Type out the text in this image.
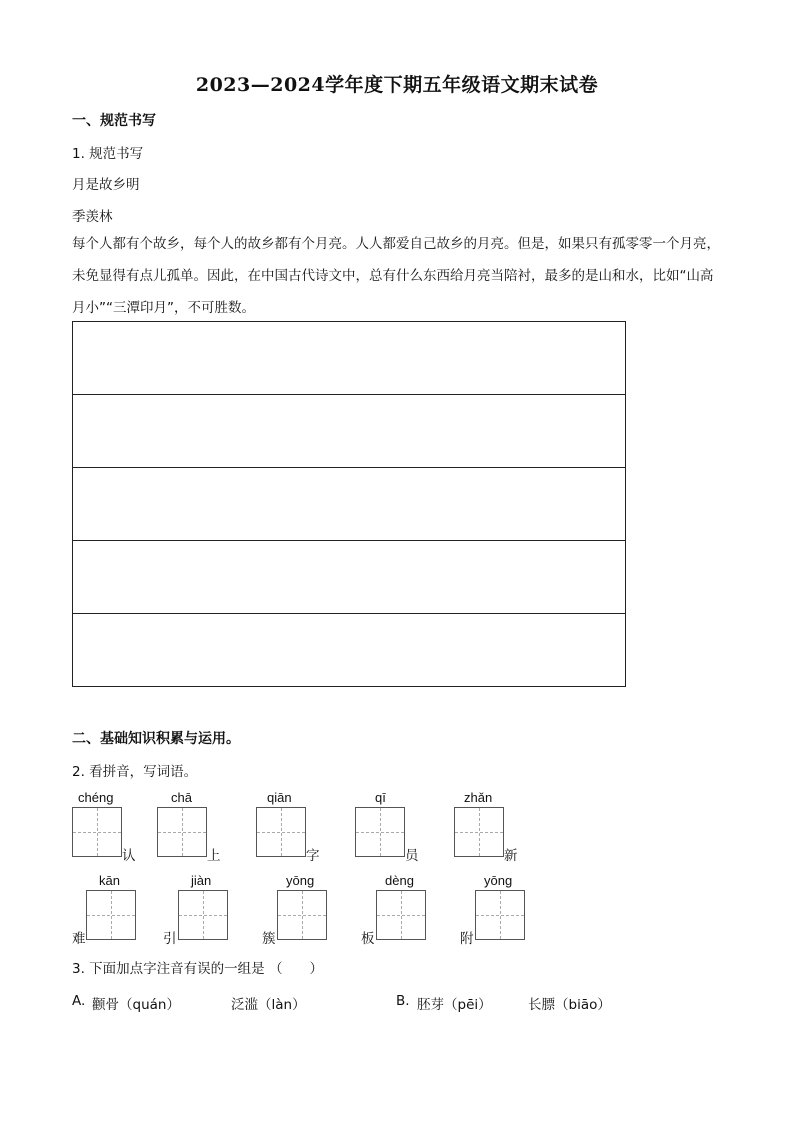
2023—2024学年度下期五年级语文期末试卷
一、规范书写
1. 规范书写
月是故乡明
季羡林
每个人都有个故乡，每个人的故乡都有个月亮。人人都爱自己故乡的月亮。但是，如果只有孤零零一个月亮，未免显得有点儿孤单。因此，在中国古代诗文中，总有什么东西给月亮当陪衬，最多的是山和水，比如“山高月小”“三潭印月”，不可胜数。
二、基础知识积累与运用。
2. 看拼音，写词语。
chéng
认
chā
上
qiān
字
qī
员
zhǎn
新
kān
难
jiàn
引
yōng
簇
dèng
板
yōng
附
3. 下面加点字注音有误的一组是 （　　）
A. 颧骨（quán）	泛滥（làn）	B. 胚芽（pēi）	长膘（biāo）
